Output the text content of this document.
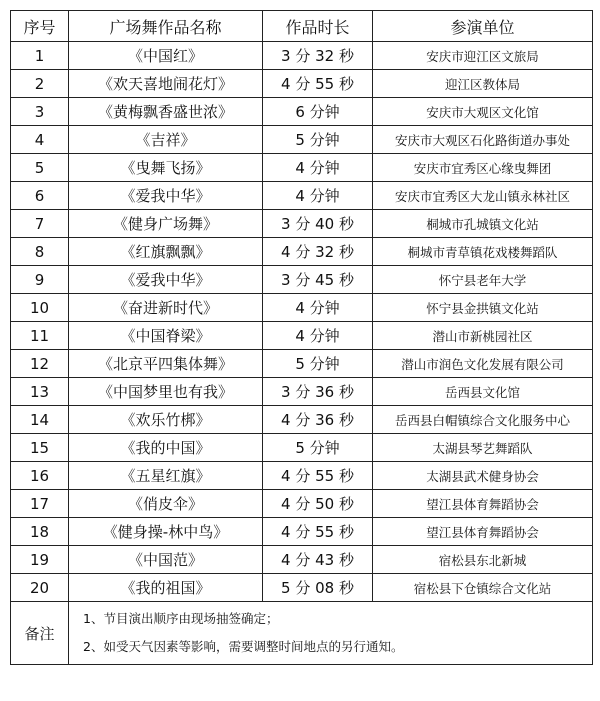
序号	广场舞作品名称	作品时长	参演单位
1	《中国红》	3 分 32 秒	安庆市迎江区文旅局
2	《欢天喜地闹花灯》	4 分 55 秒	迎江区教体局
3	《黄梅飘香盛世浓》	6 分钟	安庆市大观区文化馆
4	《吉祥》	5 分钟	安庆市大观区石化路街道办事处
5	《曳舞飞扬》	4 分钟	安庆市宜秀区心缘曳舞团
6	《爱我中华》	4 分钟	安庆市宜秀区大龙山镇永林社区
7	《健身广场舞》	3 分 40 秒	桐城市孔城镇文化站
8	《红旗飘飘》	4 分 32 秒	桐城市青草镇花戏楼舞蹈队
9	《爱我中华》	3 分 45 秒	怀宁县老年大学
10	《奋进新时代》	4 分钟	怀宁县金拱镇文化站
11	《中国脊梁》	4 分钟	潜山市新桃园社区
12	《北京平四集体舞》	5 分钟	潜山市润色文化发展有限公司
13	《中国梦里也有我》	3 分 36 秒	岳西县文化馆
14	《欢乐竹梆》	4 分 36 秒	岳西县白帽镇综合文化服务中心
15	《我的中国》	5 分钟	太湖县琴艺舞蹈队
16	《五星红旗》	4 分 55 秒	太湖县武术健身协会
17	《俏皮伞》	4 分 50 秒	望江县体育舞蹈协会
18	《健身操-林中鸟》	4 分 55 秒	望江县体育舞蹈协会
19	《中国范》	4 分 43 秒	宿松县东北新城
20	《我的祖国》	5 分 08 秒	宿松县下仓镇综合文化站
备注	1、节目演出顺序由现场抽签确定；
2、如受天气因素等影响，需要调整时间地点的另行通知。		
